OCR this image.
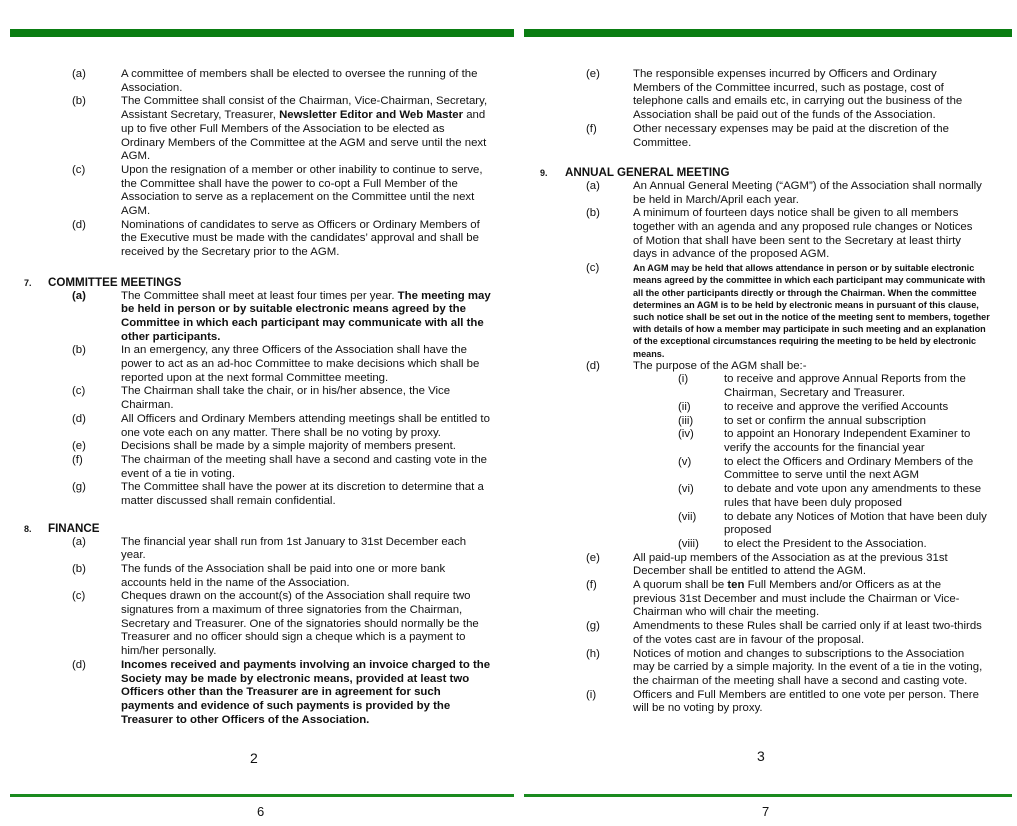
(a)	A committee of members shall be elected to oversee the running of the Association.
(b)	The Committee shall consist of the Chairman, Vice-Chairman, Secretary, Assistant Secretary, Treasurer, Newsletter Editor and Web Master and up to five other Full Members of the Association to be elected as Ordinary Members of the Committee at the AGM and serve until the next AGM.
(c)	Upon the resignation of a member or other inability to continue to serve, the Committee shall have the power to co-opt a Full Member of the Association to serve as a replacement on the Committee until the next AGM.
(d)	Nominations of candidates to serve as Officers or Ordinary Members of the Executive must be made with the candidates’ approval and shall be received by the Secretary prior to the AGM.
7. COMMITTEE MEETINGS
(a)	The Committee shall meet at least four times per year. The meeting may be held in person or by suitable electronic means agreed by the Committee in which each participant may communicate with all the other participants.
(b)	In an emergency, any three Officers of the Association shall have the power to act as an ad-hoc Committee to make decisions which shall be reported upon at the next formal Committee meeting.
(c)	The Chairman shall take the chair, or in his/her absence, the Vice Chairman.
(d)	All Officers and Ordinary Members attending meetings shall be entitled to one vote each on any matter. There shall be no voting by proxy.
(e)	Decisions shall be made by a simple majority of members present.
(f)	The chairman of the meeting shall have a second and casting vote in the event of a tie in voting.
(g)	The Committee shall have the power at its discretion to determine that a matter discussed shall remain confidential.
8. FINANCE
(a)	The financial year shall run from 1st January to 31st December each year.
(b)	The funds of the Association shall be paid into one or more bank accounts held in the name of the Association.
(c)	Cheques drawn on the account(s) of the Association shall require two signatures from a maximum of three signatories from the Chairman, Secretary and Treasurer. One of the signatories should normally be the Treasurer and no officer should sign a cheque which is a payment to him/her personally.
(d)	Incomes received and payments involving an invoice charged to the Society may be made by electronic means, provided at least two Officers other than the Treasurer are in agreement for such payments and evidence of such payments is provided by the Treasurer to other Officers of the Association.
2
(e)	The responsible expenses incurred by Officers and Ordinary Members of the Committee incurred, such as postage, cost of telephone calls and emails etc, in carrying out the business of the Association shall be paid out of the funds of the Association.
(f)	Other necessary expenses may be paid at the discretion of the Committee.
9. ANNUAL GENERAL MEETING
(a)	An Annual General Meeting (“AGM”) of the Association shall normally be held in March/April each year.
(b)	A minimum of fourteen days notice shall be given to all members together with an agenda and any proposed rule changes or Notices of Motion that shall have been sent to the Secretary at least thirty days in advance of the proposed AGM.
(c)	An AGM may be held that allows attendance in person or by suitable electronic means agreed by the committee in which each participant may communicate with all the other participants directly or through the Chairman. When the committee determines an AGM is to be held by electronic means in pursuant of this clause, such notice shall be set out in the notice of the meeting sent to members, together with details of how a member may participate in such meeting and an explanation of the exceptional circumstances requiring the meeting to be held by electronic means.
(d)	The purpose of the AGM shall be:-
(i)	to receive and approve Annual Reports from the Chairman, Secretary and Treasurer.
(ii)	to receive and approve the verified Accounts
(iii)	to set or confirm the annual subscription
(iv)	to appoint an Honorary Independent Examiner to verify the accounts for the financial year
(v)	to elect the Officers and Ordinary Members of the Committee to serve until the next AGM
(vi)	to debate and vote upon any amendments to these rules that have been duly proposed
(vii) to debate any Notices of Motion that have been duly proposed
(viii) to elect the President to the Association.
(e)	All paid-up members of the Association as at the previous 31st December shall be entitled to attend the AGM.
(f)	A quorum shall be ten Full Members and/or Officers as at the previous 31st December and must include the Chairman or Vice-Chairman who will chair the meeting.
(g)	Amendments to these Rules shall be carried only if at least two-thirds of the votes cast are in favour of the proposal.
(h)	Notices of motion and changes to subscriptions to the Association may be carried by a simple majority. In the event of a tie in the voting, the chairman of the meeting shall have a second and casting vote.
(i)	Officers and Full Members are entitled to one vote per person. There will be no voting by proxy.
3
6	7
